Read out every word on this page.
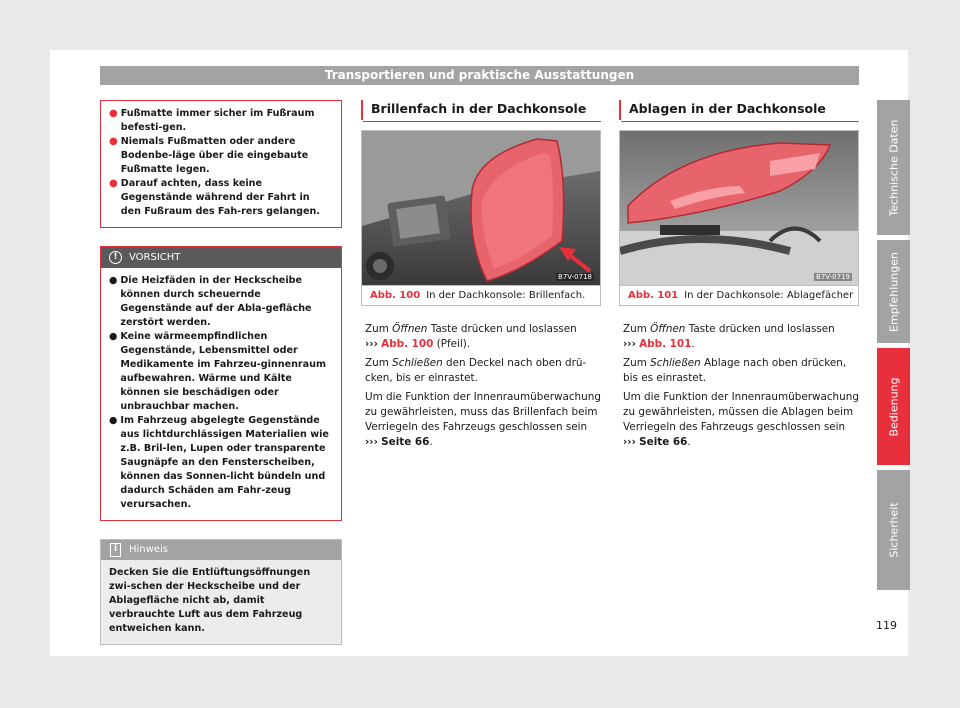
Transportieren und praktische Ausstattungen
● Fußmatte immer sicher im Fußraum befesti-gen.
● Niemals Fußmatten oder andere Bodenbe-läge über die eingebaute Fußmatte legen.
● Darauf achten, dass keine Gegenstände während der Fahrt in den Fußraum des Fah-rers gelangen.
!	VORSICHT
● Die Heizfäden in der Heckscheibe können durch scheuernde Gegenstände auf der Abla-gefläche zerstört werden.
● Keine wärmeempfindlichen Gegenstände, Lebensmittel oder Medikamente im Fahrzeu-ginnenraum aufbewahren. Wärme und Kälte können sie beschädigen oder unbrauchbar machen.
● Im Fahrzeug abgelegte Gegenstände aus lichtdurchlässigen Materialien wie z.B. Bril-len, Lupen oder transparente Saugnäpfe an den Fensterscheiben, können das Sonnen-licht bündeln und dadurch Schäden am Fahr-zeug verursachen.
i	Hinweis
Decken Sie die Entlüftungsöffnungen zwi-schen der Heckscheibe und der Ablagefläche nicht ab, damit verbrauchte Luft aus dem Fahrzeug entweichen kann.
Brillenfach in der Dachkonsole
B7V-0718
Abb. 100 In der Dachkonsole: Brillenfach.

Zum Öffnen Taste drücken und loslassen
››› Abb. 100 (Pfeil).

Zum Schließen den Deckel nach oben drü-cken, bis er einrastet.

Um die Funktion der Innenraumüberwachung zu gewährleisten, muss das Brillenfach beim Verriegeln des Fahrzeugs geschlossen sein
››› Seite 66.

Ablagen in der Dachkonsole
B7V-0719
Abb. 101 In der Dachkonsole: Ablagefächer

Zum Öffnen Taste drücken und loslassen
››› Abb. 101.

Zum Schließen Ablage nach oben drücken, bis es einrastet.

Um die Funktion der Innenraumüberwachung zu gewährleisten, müssen die Ablagen beim Verriegeln des Fahrzeugs geschlossen sein
››› Seite 66.

Technische Daten
Empfehlungen
Bedienung
Sicherheit
119
